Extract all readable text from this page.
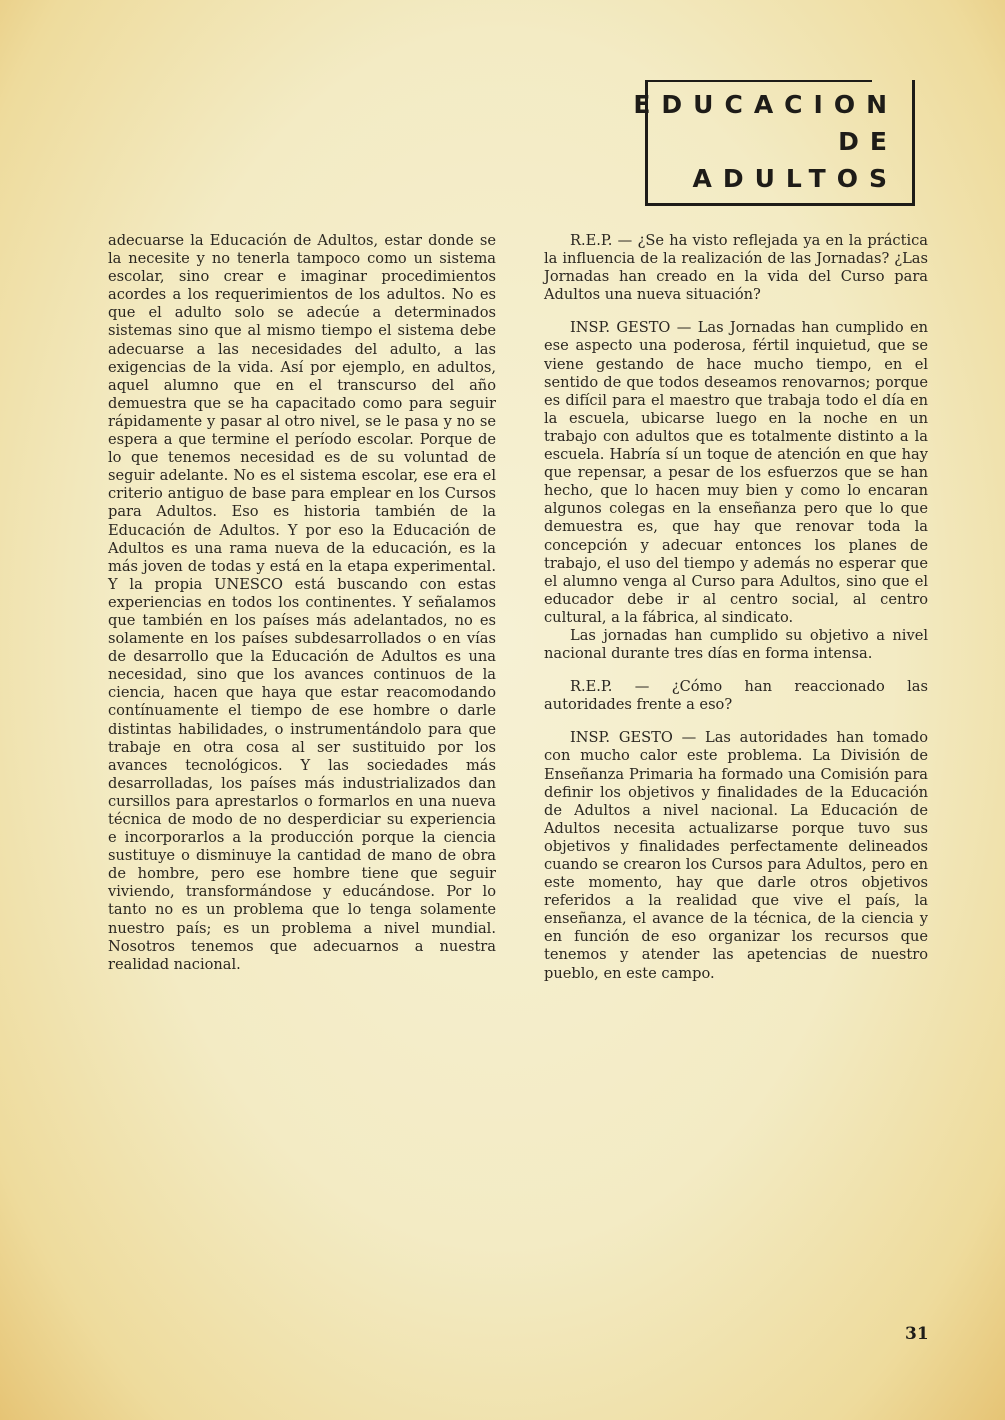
EDUCACION
DE
ADULTOS

adecuarse la Educación de Adultos, estar donde se la necesite y no tenerla tampoco como un sistema escolar, sino crear e imaginar procedimientos acordes a los requerimientos de los adultos. No es que el adulto solo se adecúe a determinados sistemas sino que al mismo tiempo el sistema debe adecuarse a las necesidades del adulto, a las exigencias de la vida. Así por ejemplo, en adultos, aquel alumno que en el transcurso del año demuestra que se ha capacitado como para seguir rápidamente y pasar al otro nivel, se le pasa y no se espera a que termine el período escolar. Porque de lo que tenemos necesidad es de su voluntad de seguir adelante. No es el sistema escolar, ese era el criterio antiguo de base para emplear en los Cursos para Adultos. Eso es historia también de la Educación de Adultos. Y por eso la Educación de Adultos es una rama nueva de la educación, es la más joven de todas y está en la etapa experimental. Y la propia UNESCO está buscando con estas experiencias en todos los continentes. Y señalamos que también en los países más adelantados, no es solamente en los países subdesarrollados o en vías de desarrollo que la Educación de Adultos es una necesidad, sino que los avances continuos de la ciencia, hacen que haya que estar reacomodando contínuamente el tiempo de ese hombre o darle distintas habilidades, o instrumentándolo para que trabaje en otra cosa al ser sustituido por los avances tecnológicos. Y las sociedades más desarrolladas, los países más industrializados dan cursillos para aprestarlos o formarlos en una nueva técnica de modo de no desperdiciar su experiencia e incorporarlos a la producción porque la ciencia sustituye o disminuye la cantidad de mano de obra de hombre, pero ese hombre tiene que seguir viviendo, transformándose y educándose. Por lo tanto no es un problema que lo tenga solamente nuestro país; es un problema a nivel mundial. Nosotros tenemos que adecuarnos a nuestra realidad nacional.

R.E.P. — ¿Se ha visto reflejada ya en la práctica la influencia de la realización de las Jornadas? ¿Las Jornadas han creado en la vida del Curso para Adultos una nueva situación?

INSP. GESTO — Las Jornadas han cumplido en ese aspecto una poderosa, fértil inquietud, que se viene gestando de hace mucho tiempo, en el sentido de que todos deseamos renovarnos; porque es difícil para el maestro que trabaja todo el día en la escuela, ubicarse luego en la noche en un trabajo con adultos que es totalmente distinto a la escuela. Habría sí un toque de atención en que hay que repensar, a pesar de los esfuerzos que se han hecho, que lo hacen muy bien y como lo encaran algunos colegas en la enseñanza pero que lo que demuestra es, que hay que renovar toda la concepción y adecuar entonces los planes de trabajo, el uso del tiempo y además no esperar que el alumno venga al Curso para Adultos, sino que el educador debe ir al centro social, al centro cultural, a la fábrica, al sindicato.

Las jornadas han cumplido su objetivo a nivel nacional durante tres días en forma intensa.

R.E.P. — ¿Cómo han reaccionado las autoridades frente a eso?

INSP. GESTO — Las autoridades han tomado con mucho calor este problema. La División de Enseñanza Primaria ha formado una Comisión para definir los objetivos y finalidades de la Educación de Adultos a nivel nacional. La Educación de Adultos necesita actualizarse porque tuvo sus objetivos y finalidades perfectamente delineados cuando se crearon los Cursos para Adultos, pero en este momento, hay que darle otros objetivos referidos a la realidad que vive el país, la enseñanza, el avance de la técnica, de la ciencia y en función de eso organizar los recursos que tenemos y atender las apetencias de nuestro pueblo, en este campo.

31
